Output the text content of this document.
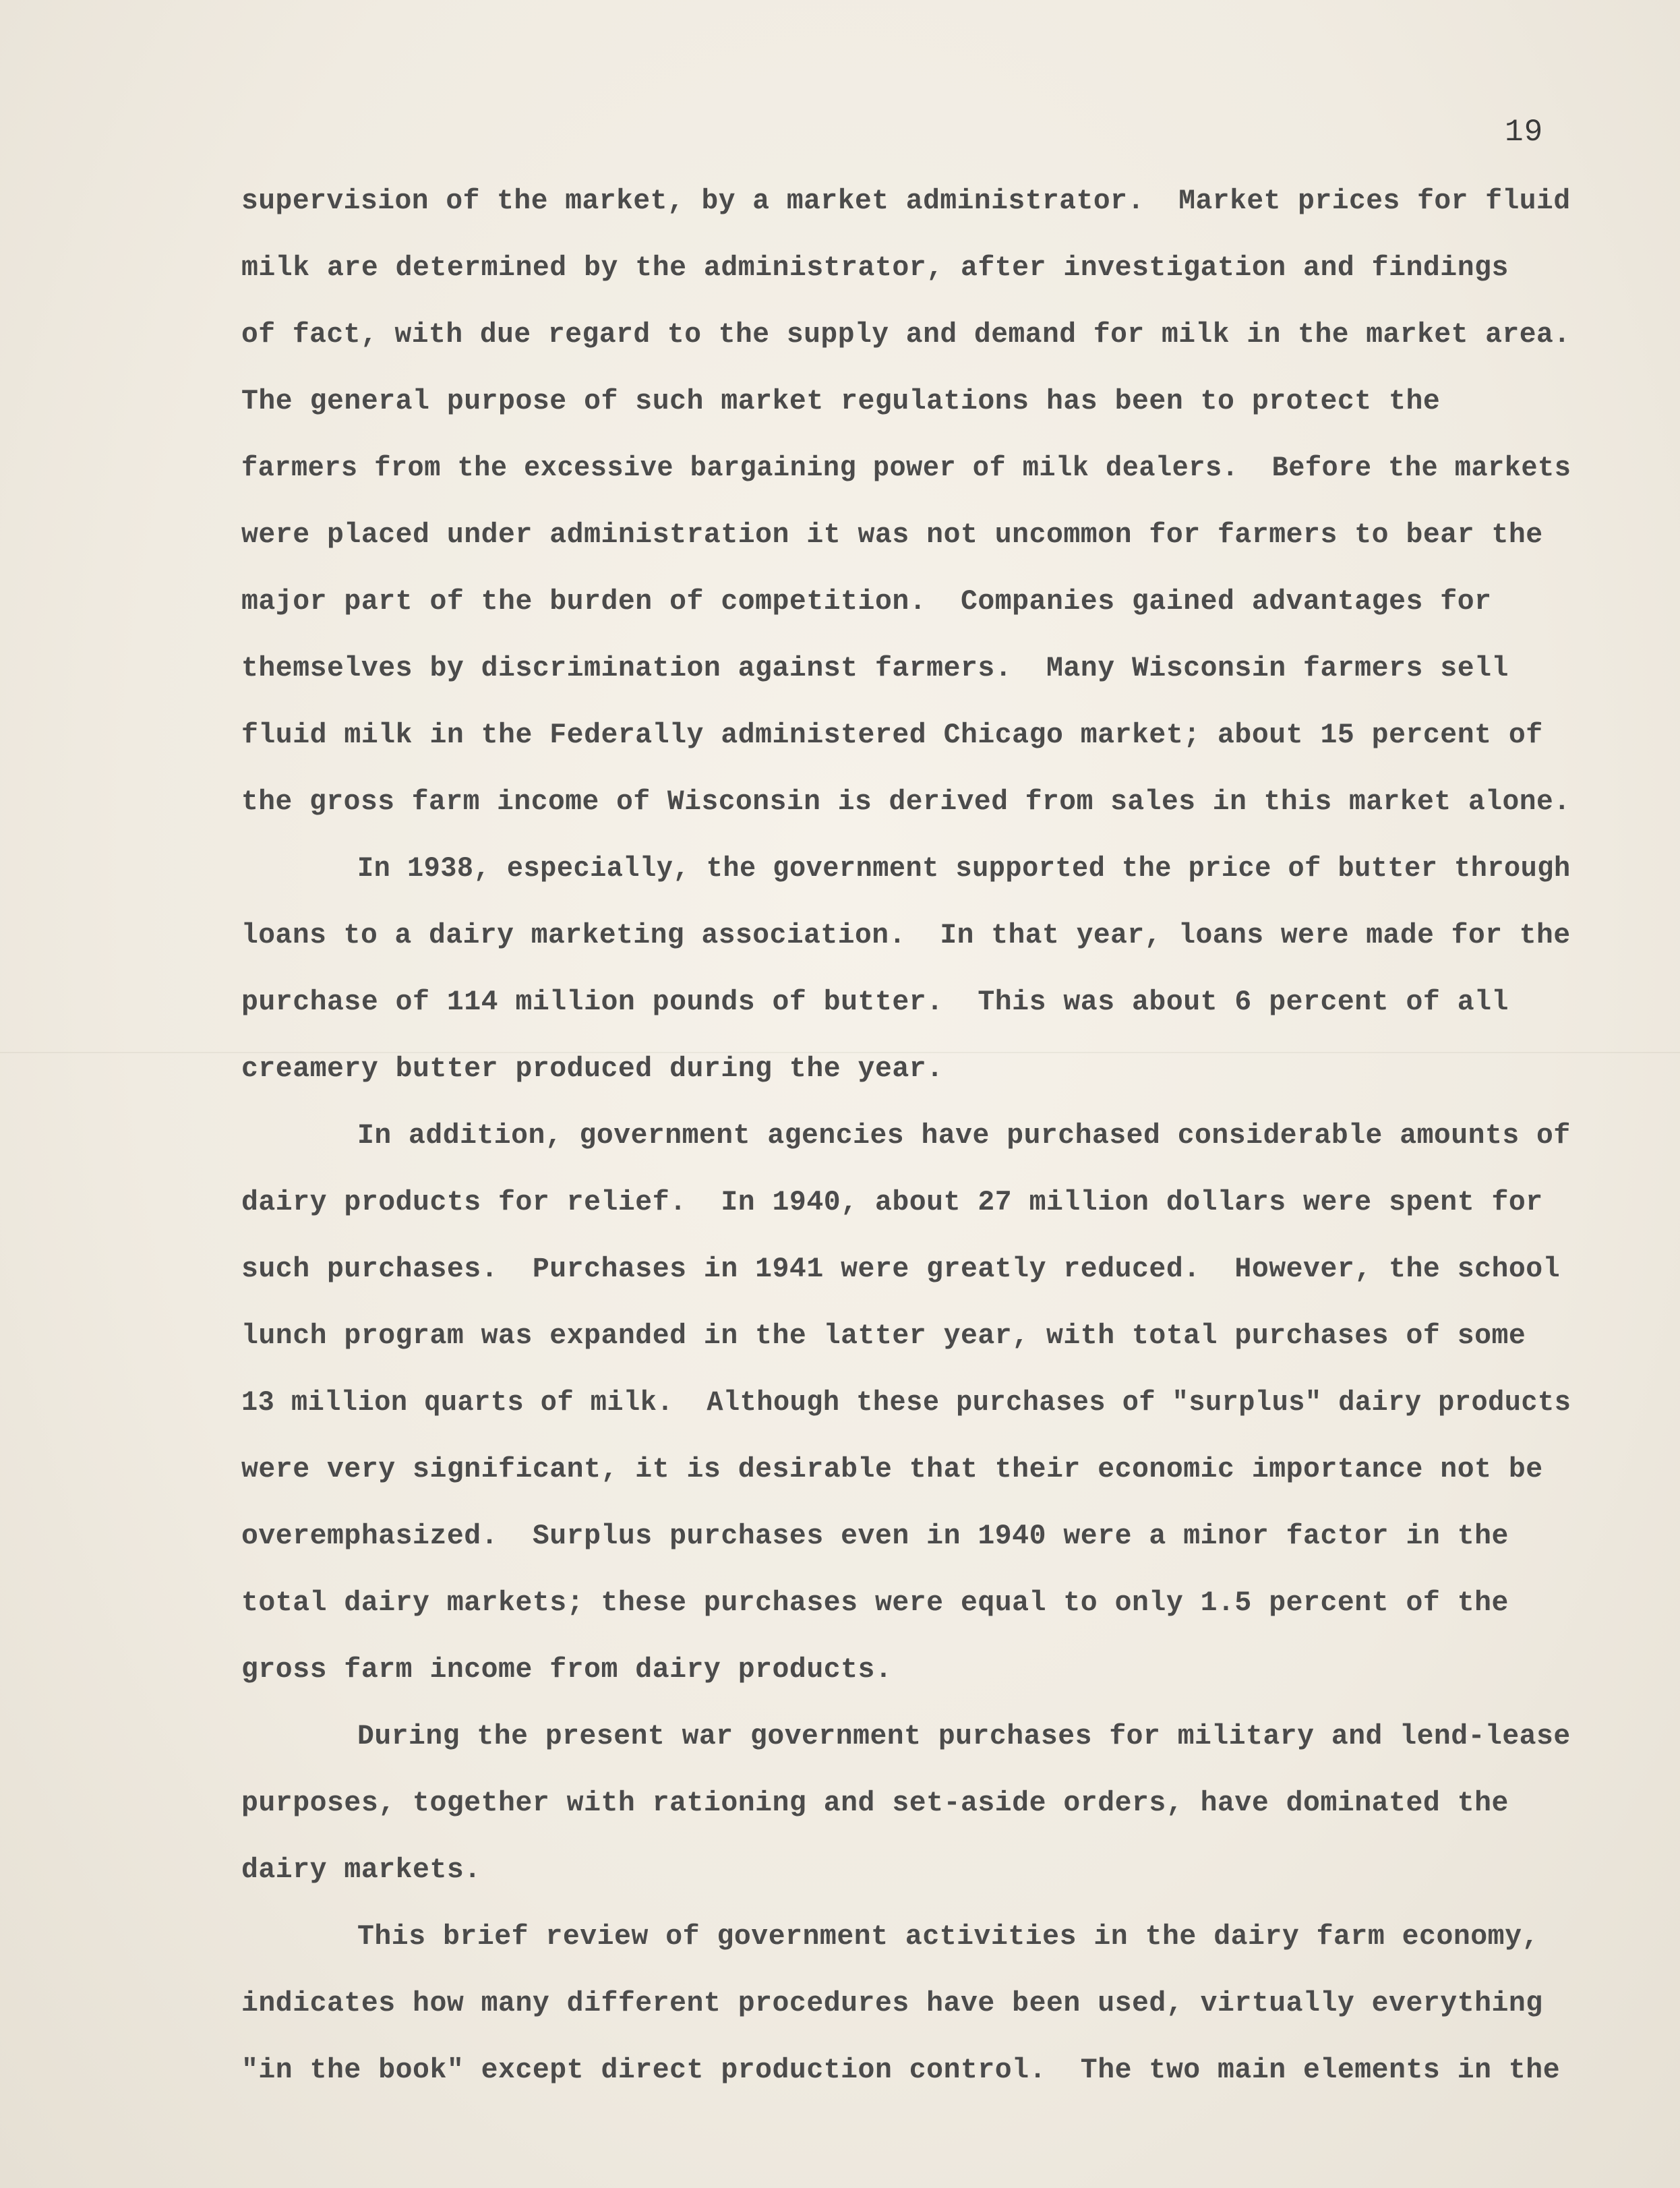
19
supervision of the market, by a market administrator.  Market prices for fluid
milk are determined by the administrator, after investigation and findings
of fact, with due regard to the supply and demand for milk in the market area.
The general purpose of such market regulations has been to protect the
farmers from the excessive bargaining power of milk dealers.  Before the markets
were placed under administration it was not uncommon for farmers to bear the
major part of the burden of competition.  Companies gained advantages for
themselves by discrimination against farmers.  Many Wisconsin farmers sell
fluid milk in the Federally administered Chicago market; about 15 percent of
the gross farm income of Wisconsin is derived from sales in this market alone.
In 1938, especially, the government supported the price of butter through
loans to a dairy marketing association.  In that year, loans were made for the
purchase of 114 million pounds of butter.  This was about 6 percent of all
creamery butter produced during the year.
In addition, government agencies have purchased considerable amounts of
dairy products for relief.  In 1940, about 27 million dollars were spent for
such purchases.  Purchases in 1941 were greatly reduced.  However, the school
lunch program was expanded in the latter year, with total purchases of some
13 million quarts of milk.  Although these purchases of "surplus" dairy products
were very significant, it is desirable that their economic importance not be
overemphasized.  Surplus purchases even in 1940 were a minor factor in the
total dairy markets; these purchases were equal to only 1.5 percent of the
gross farm income from dairy products.
During the present war government purchases for military and lend-lease
purposes, together with rationing and set-aside orders, have dominated the
dairy markets.
This brief review of government activities in the dairy farm economy,
indicates how many different procedures have been used, virtually everything
"in the book" except direct production control.  The two main elements in the
